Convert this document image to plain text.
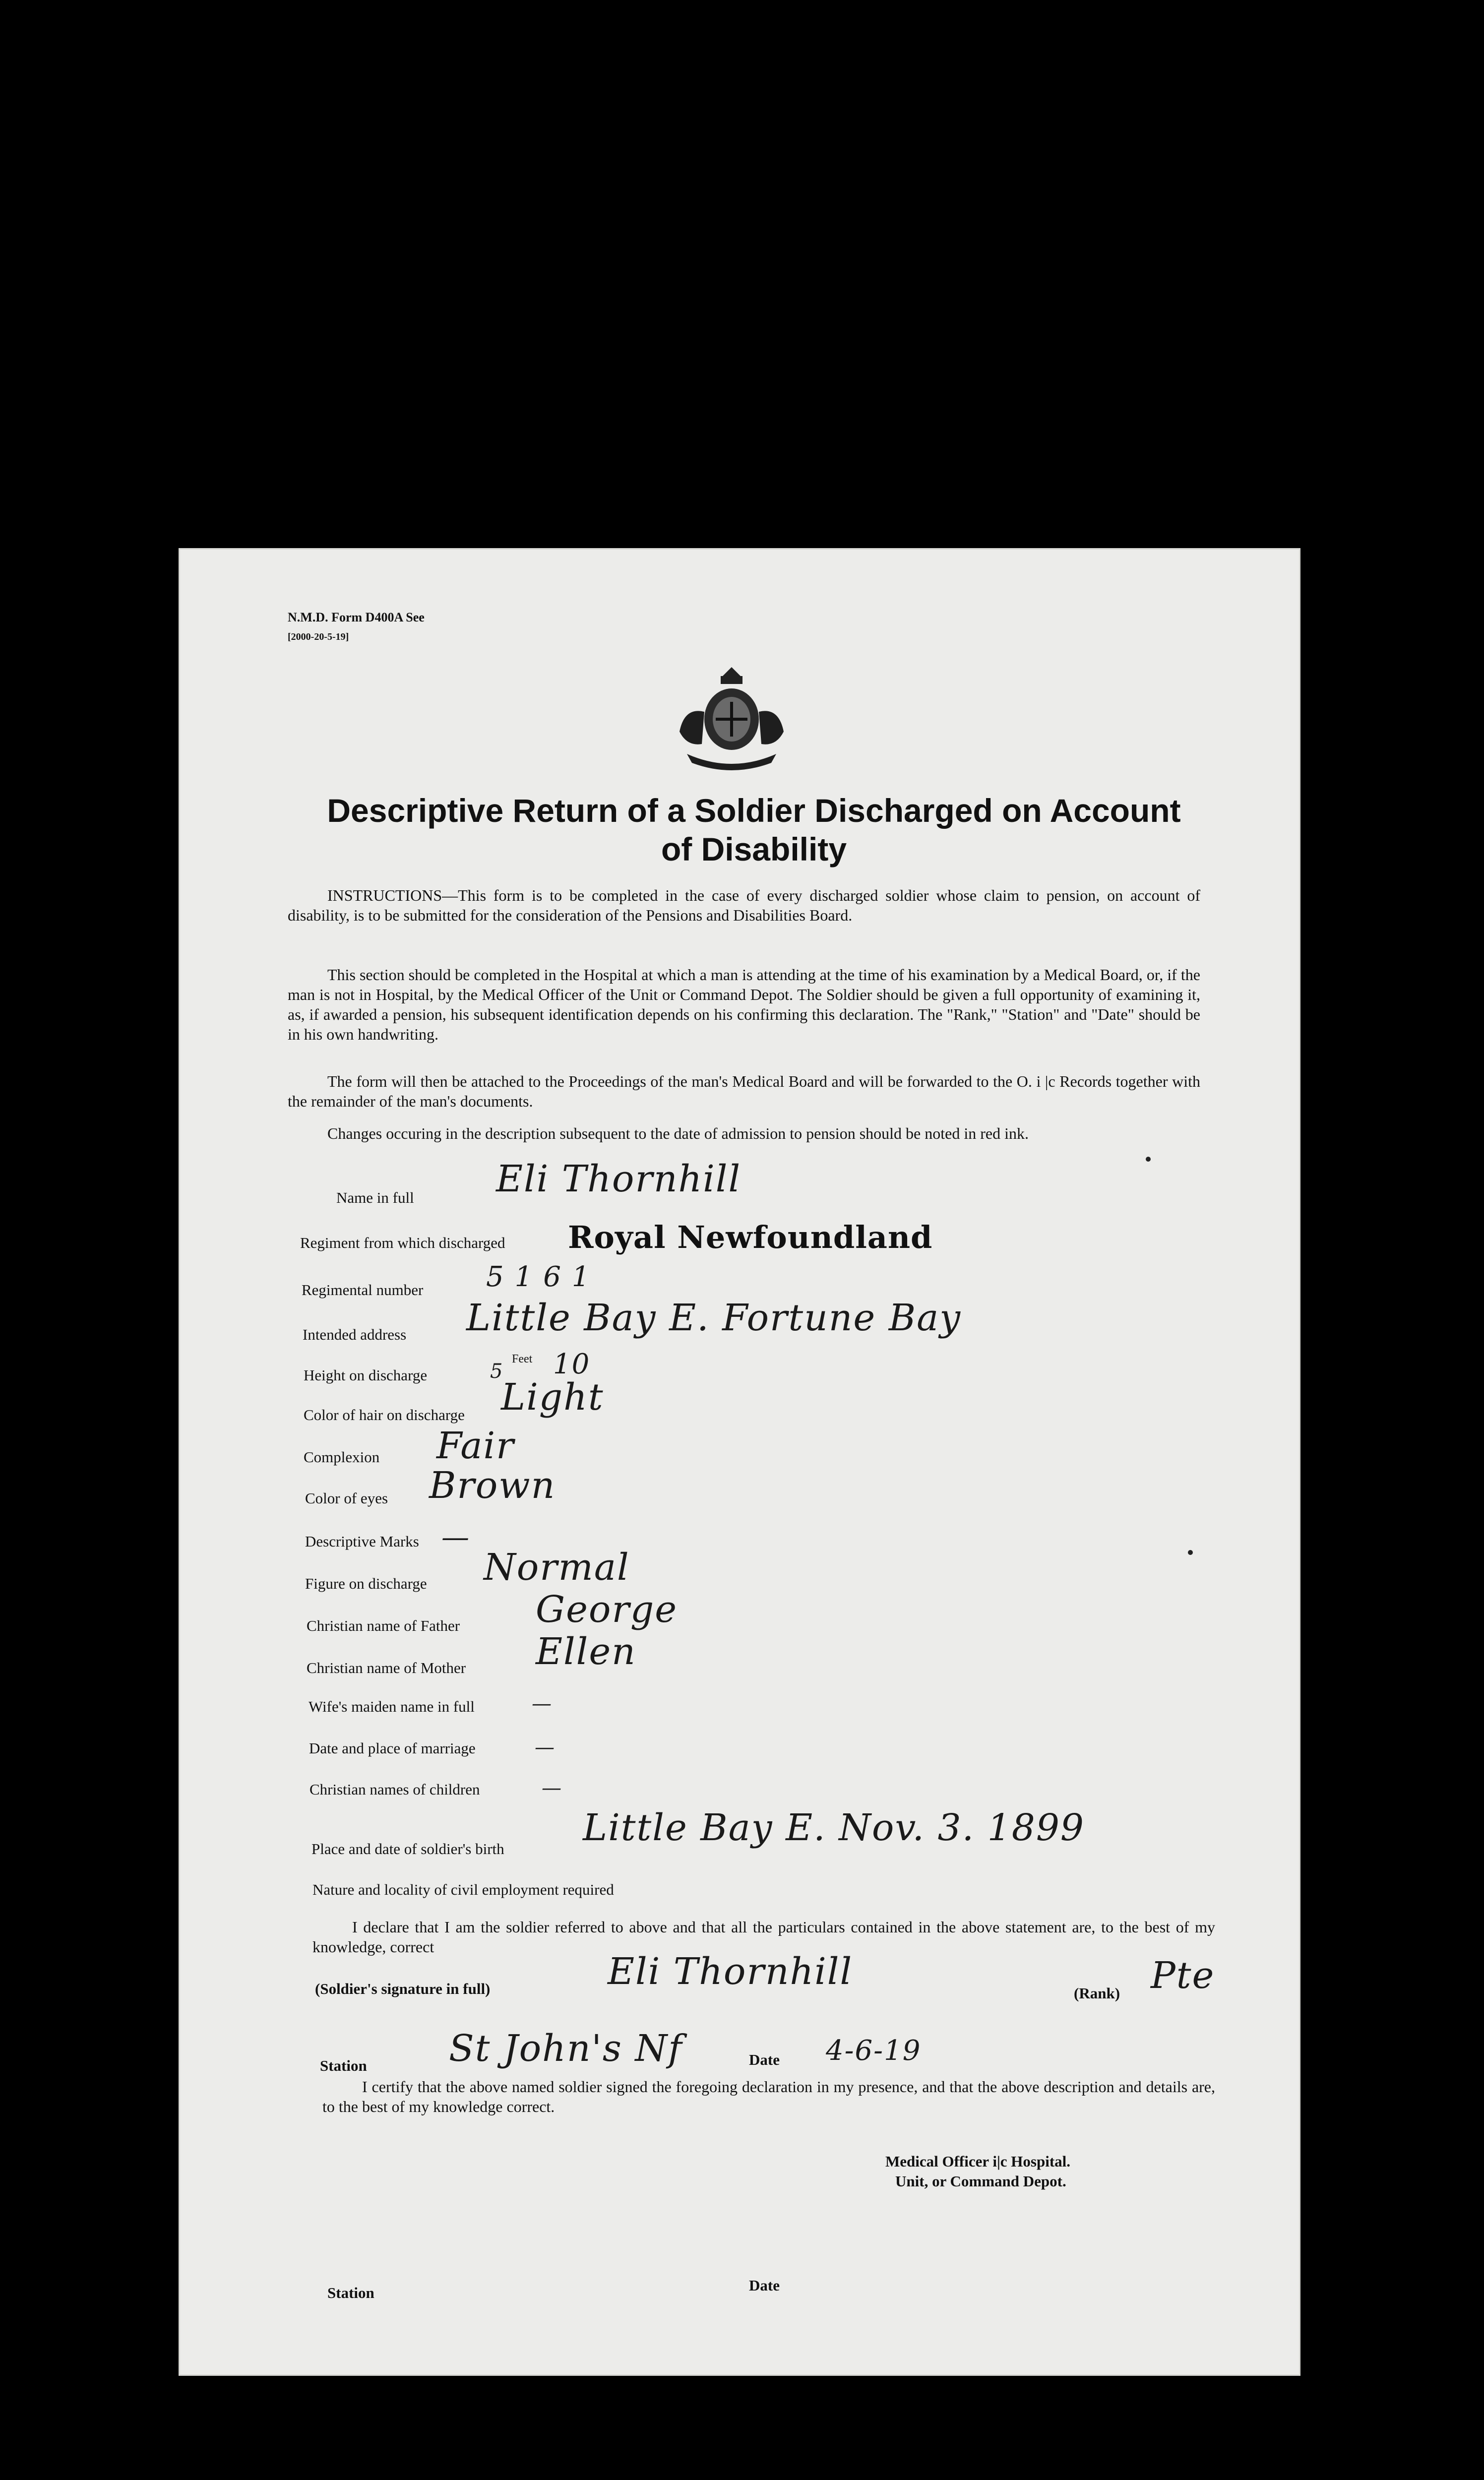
N.M.D. Form D400A See
[2000-20-5-19]
Descriptive Return of a Soldier Discharged on Account
of Disability
INSTRUCTIONS—This form is to be completed in the case of every discharged soldier whose claim to pension, on account of disability, is to be submitted for the consideration of the Pensions and Disabilities Board.
This section should be completed in the Hospital at which a man is attending at the time of his examination by a Medical Board, or, if the man is not in Hospital, by the Medical Officer of the Unit or Command Depot. The Soldier should be given a full opportunity of examining it, as, if awarded a pension, his subsequent identification depends on his confirming this declaration. The "Rank," "Station" and "Date" should be in his own handwriting.
The form will then be attached to the Proceedings of the man's Medical Board and will be forwarded to the O. i |c Records together with the remainder of the man's documents.
Changes occuring in the description subsequent to the date of admission to pension should be noted in red ink.
Name in full Eli Thornhill
Regiment from which discharged Royal Newfoundland
Regimental number 5161
Intended address Little Bay E. Fortune Bay
Height on discharge	5
Feet 10
Color of hair on discharge Light
Complexion Fair
Color of eyes Brown
Descriptive Marks —
Figure on discharge Normal
Christian name of Father George
Christian name of Mother Ellen
Wife's maiden name in full	—
Date and place of marriage	—
Christian names of children	—
Place and date of soldier's birth Little Bay E. Nov. 3. 1899
Nature and locality of civil employment required
I declare that I am the soldier referred to above and that all the particulars contained in the above statement are, to the best of my knowledge, correct
(Soldier's signature in full)	Eli Thornhill
(Rank) Pte
Station St John's Nf	Date 4-6-19
I certify that the above named soldier signed the foregoing declaration in my presence, and that the above description and details are, to the best of my knowledge correct.
Medical Officer i|c Hospital.
Unit, or Command Depot.
Station	Date
